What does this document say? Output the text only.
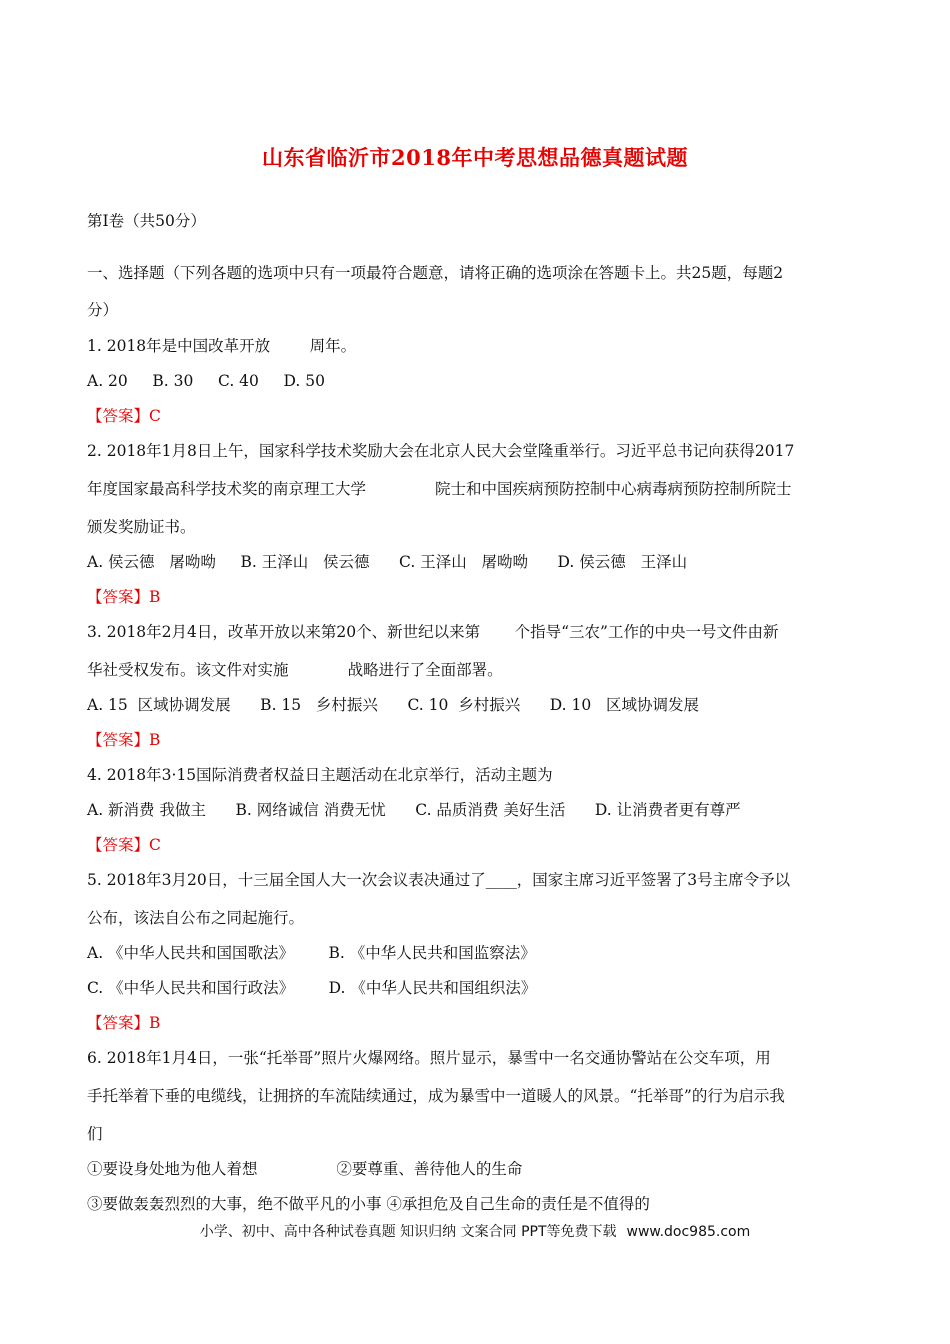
山东省临沂市2018年中考思想品德真题试题
第Ⅰ卷（共50分）
一、选择题（下列各题的选项中只有一项最符合题意，请将正确的选项涂在答题卡上。共25题，每题2
分）
1. 2018年是中国改革开放        周年。
A. 20     B. 30     C. 40     D. 50
【答案】C
2. 2018年1月8日上午，国家科学技术奖励大会在北京人民大会堂隆重举行。习近平总书记向获得2017
年度国家最高科学技术奖的南京理工大学              院士和中国疾病预防控制中心病毒病预防控制所院士
颁发奖励证书。
A. 侯云德   屠呦呦     B. 王泽山   侯云德      C. 王泽山   屠呦呦      D. 侯云德   王泽山
【答案】B
3. 2018年2月4日，改革开放以来第20个、新世纪以来第       个指导“三农”工作的中央一号文件由新
华社受权发布。该文件对实施            战略进行了全面部署。
A. 15  区域协调发展      B. 15   乡村振兴      C. 10  乡村振兴      D. 10   区域协调发展
【答案】B
4. 2018年3·15国际消费者权益日主题活动在北京举行，活动主题为
A. 新消费 我做主      B. 网络诚信 消费无忧      C. 品质消费 美好生活      D. 让消费者更有尊严
【答案】C
5. 2018年3月20日，十三届全国人大一次会议表决通过了____，国家主席习近平签署了3号主席令予以
公布，该法自公布之同起施行。
A. 《中华人民共和国国歌法》       B. 《中华人民共和国监察法》
C. 《中华人民共和国行政法》       D. 《中华人民共和国组织法》
【答案】B
6. 2018年1月4日，一张“托举哥”照片火爆网络。照片显示，暴雪中一名交通协警站在公交车项，用
手托举着下垂的电缆线，让拥挤的车流陆续通过，成为暴雪中一道暖人的风景。“托举哥”的行为启示我
们
①要设身处地为他人着想                ②要尊重、善待他人的生命
③要做轰轰烈烈的大事，绝不做平凡的小事 ④承担危及自己生命的责任是不值得的
小学、初中、高中各种试卷真题 知识归纳 文案合同 PPT等免费下载 www.doc985.com
